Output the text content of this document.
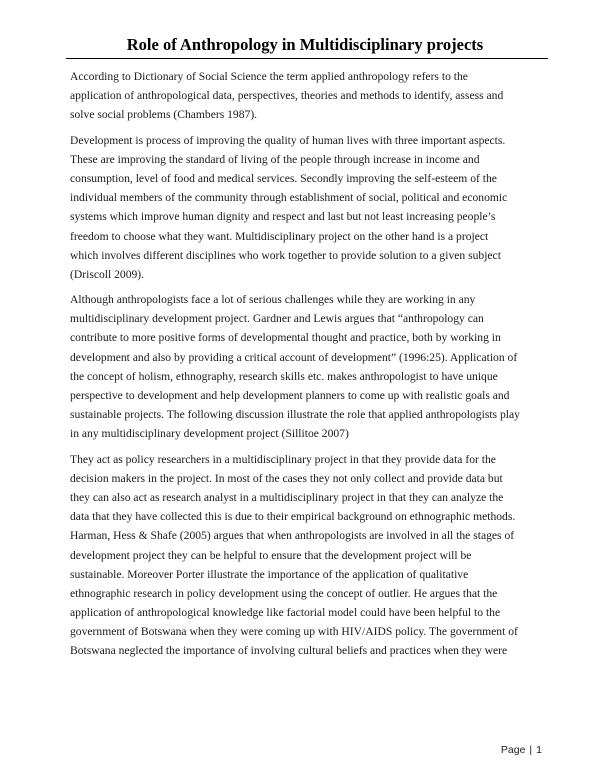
Role of Anthropology in Multidisciplinary projects
According to Dictionary of Social Science the term applied anthropology refers to the
application of anthropological data, perspectives, theories and methods to identify, assess and
solve social problems (Chambers 1987).
Development is process of improving the quality of human lives with three important aspects.
These are improving the standard of living of the people through increase in income and
consumption, level of food and medical services. Secondly improving the self-esteem of the
individual members of the community through establishment of social, political and economic
systems which improve human dignity and respect and last but not least increasing people’s
freedom to choose what they want. Multidisciplinary project on the other hand is a project
which involves different disciplines who work together to provide solution to a given subject
(Driscoll 2009).
Although anthropologists face a lot of serious challenges while they are working in any
multidisciplinary development project. Gardner and Lewis argues that “anthropology can
contribute to more positive forms of developmental thought and practice, both by working in
development and also by providing a critical account of development” (1996:25). Application of
the concept of holism, ethnography, research skills etc. makes anthropologist to have unique
perspective to development and help development planners to come up with realistic goals and
sustainable projects. The following discussion illustrate the role that applied anthropologists play
in any multidisciplinary development project (Sillitoe 2007)
They act as policy researchers in a multidisciplinary project in that they provide data for the
decision makers in the project. In most of the cases they not only collect and provide data but
they can also act as research analyst in a multidisciplinary project in that they can analyze the
data that they have collected this is due to their empirical background on ethnographic methods.
Harman, Hess & Shafe (2005) argues that when anthropologists are involved in all the stages of
development project they can be helpful to ensure that the development project will be
sustainable. Moreover Porter illustrate the importance of the application of qualitative
ethnographic research in policy development using the concept of outlier. He argues that the
application of anthropological knowledge like factorial model could have been helpful to the
government of Botswana when they were coming up with HIV/AIDS policy. The government of
Botswana neglected the importance of involving cultural beliefs and practices when they were
Page | 1
